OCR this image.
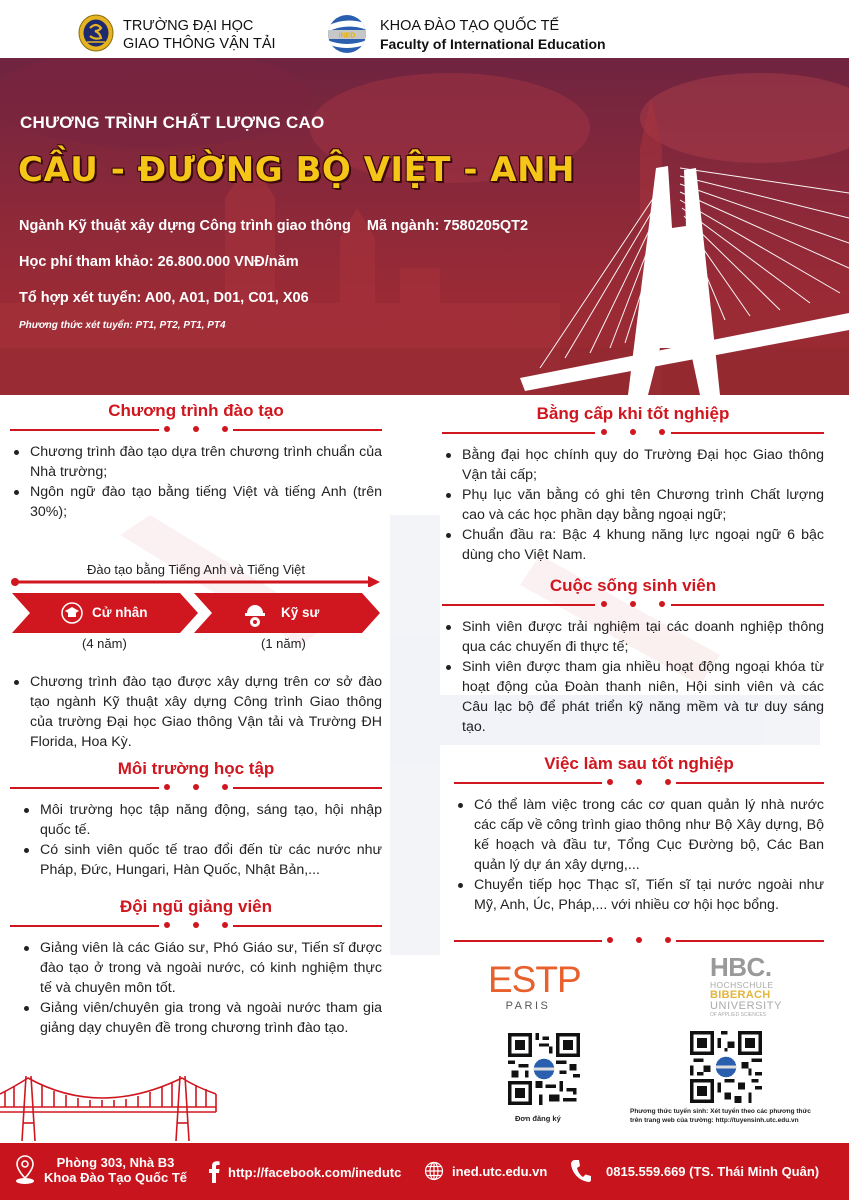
TRƯỜNG ĐẠI HỌC
GIAO THÔNG VẬN TẢI	INED
KHOA ĐÀO TẠO QUỐC TẾ
Faculty of International Education
CHƯƠNG TRÌNH CHẤT LƯỢNG CAO
CẦU - ĐƯỜNG BỘ VIỆT - ANH
Ngành Kỹ thuật xây dựng Công trình giao thông Mã ngành: 7580205QT2
Học phí tham khảo: 26.800.000 VNĐ/năm
Tổ hợp xét tuyển: A00, A01, D01, C01, X06
Phương thức xét tuyển: PT1, PT2, PT1, PT4
Chương trình đào tạo
Chương trình đào tạo dựa trên chương trình chuẩn của Nhà trường;
Ngôn ngữ đào tạo bằng tiếng Việt và tiếng Anh (trên 30%);
Đào tạo bằng Tiếng Anh và Tiếng Việt
Cử nhân	Kỹ sư
(4 năm)	(1 năm)
Chương trình đào tạo được xây dựng trên cơ sở đào tạo ngành Kỹ thuật xây dựng Công trình Giao thông của trường Đại học Giao thông Vận tải và Trường ĐH Florida, Hoa Kỳ.
Môi trường học tập
Môi trường học tập năng động, sáng tạo, hội nhập quốc tế.
Có sinh viên quốc tế trao đổi đến từ các nước như Pháp, Đức, Hungari, Hàn Quốc, Nhật Bản,...
Đội ngũ giảng viên
Giảng viên là các Giáo sư, Phó Giáo sư, Tiến sĩ được đào tạo ở trong và ngoài nước, có kinh nghiệm thực tế và chuyên môn tốt.
Giảng viên/chuyên gia trong và ngoài nước tham gia giảng dạy chuyên đề trong chương trình đào tạo.
Bằng cấp khi tốt nghiệp
Bằng đại học chính quy do Trường Đại học Giao thông Vận tải cấp;
Phụ lục văn bằng có ghi tên Chương trình Chất lượng cao và các học phần dạy bằng ngoại ngữ;
Chuẩn đầu ra: Bậc 4 khung năng lực ngoại ngữ 6 bậc dùng cho Việt Nam.
Cuộc sống sinh viên
Sinh viên được trải nghiệm tại các doanh nghiệp thông qua các chuyến đi thực tế;
Sinh viên được tham gia nhiều hoạt động ngoại khóa từ hoạt động của Đoàn thanh niên, Hội sinh viên và các Câu lạc bộ để phát triển kỹ năng mềm và tư duy sáng tạo.
Việc làm sau tốt nghiệp
Có thể làm việc trong các cơ quan quản lý nhà nước các cấp về công trình giao thông như Bộ Xây dựng, Bộ kế hoạch và đầu tư, Tổng Cục Đường bộ, Các Ban quản lý dự án xây dựng,...
Chuyển tiếp học Thạc sĩ, Tiến sĩ tại nước ngoài như Mỹ, Anh, Úc, Pháp,... với nhiều cơ hội học bổng.
ESTP
PARIS
HBC.
HOCHSCHULE
BIBERACH
UNIVERSITY
OF APPLIED SCIENCES
Đơn đăng ký
Phương thức tuyển sinh: Xét tuyển theo các phương thức
trên trang web của trường: http://tuyensinh.utc.edu.vn
Phòng 303, Nhà B3
Khoa Đào Tạo Quốc Tế	http://facebook.com/inedutc	ined.utc.edu.vn	0815.559.669 (TS. Thái Minh Quân)
